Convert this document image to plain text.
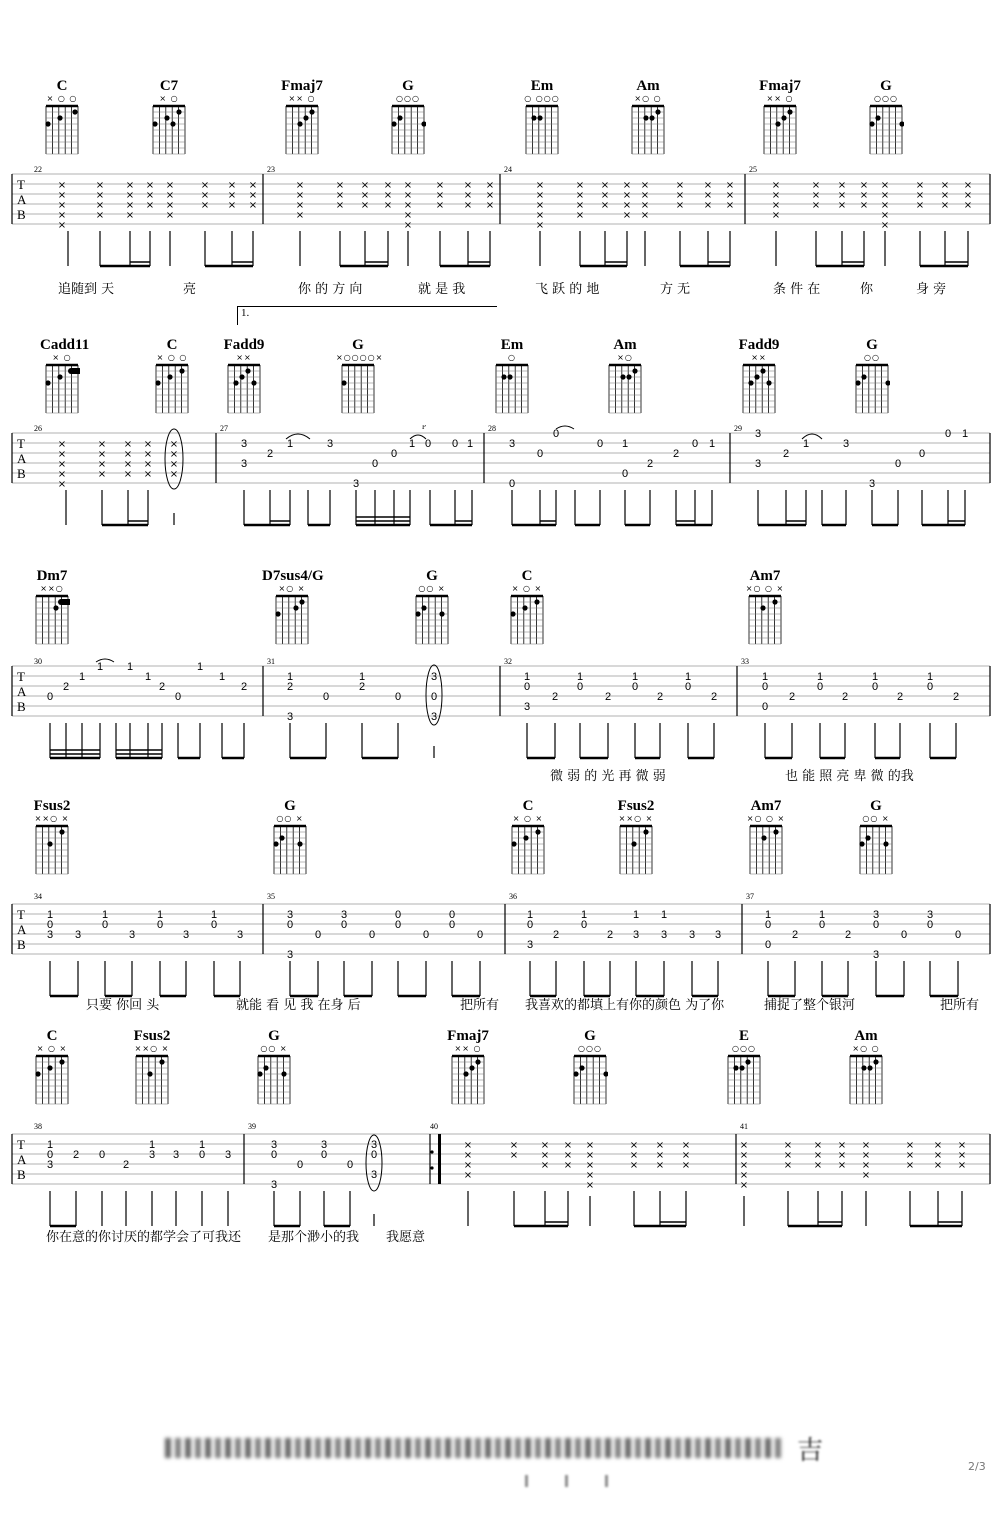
C
× ○ ○
C7
× ○
Fmaj7
×× ○
G
○○○
Em
○ ○○○
Am
×○ ○
Fmaj7
×× ○
G
○○○
T
A
B
22	23	24	25
×
×
×
×
×
×
×
×
×
×
×
×
×
×
×
×
×
×
×
×
×
×
×
×
×
×
×
×
×
×
×
×
×
×
×
×
×
×
×
×
×
×
×
×
×
×
×
×
×
×
×
×
×
×
×
×
×
×
×
×
×
×
×
×
×
×
×
×
×
×
×
×
×
×
×
×
×
×
×
×
×
×
×
×
×
×
×
×
×
×
×
×
×
×
×
×
×
×
×
×
×
×
×
×
×
×
×
×
×
×
×
×
追随到 天	亮	你 的 方 向	就 是 我	飞 跃 的 地	方 无	条 件 在	你	身 旁
1.
Cadd11
× ○
C
× ○ ○
Fadd9
××
G
×○○○○×
Em
○
Am
×○
Fadd9
××
G
○○
T
A
B
26	27	28	29
×
×
×
×
×
×
×
×
×
×
×
×
×
×
×
×
×
×
×
×
×
3
3
2
1	3
3
0
0
1 0 0 1	3
0
0
0
0 1
0
2
2
0 1
3
3
2
1	3
3
0
0
0 1
P
Dm7
××○
D7sus4/G
×○ ×
G
○○ ×
C
× ○ ×
Am7
×○ ○ ×
T
A
B
30	31	32	33
0
2
1
1 1
1
2
0
1
1
2
1
2
3
0
1
2
0
3
0
3
1
0
3
2
1
0
2
1
0
2
1
0
2
1
0
0
2
1
0
2
1
0
2
1
0
2
微 弱 的 光 再 微 弱	也 能 照 亮 卑 微 的我
Fsus2
××○ ×
G
○○ ×
C
× ○ ×
Fsus2
××○ ×
Am7
×○ ○ ×
G
○○ ×
T
A
B
34	35	36	37
1
0
3 3
1
0
3
1
0
3
1
0
3
3
0
3
0
3
0
0
0
0
0
0
0
0
1
0
3
2
1
0
2
1
3
1
3 3 3
1
0
0
2
1
0
2
3
0
3
0
3
0
0
只要 你回 头	就能 看 见 我 在身 后	把所有 我喜欢的都填上有你的颜色 为了你	捕捉了整个银河	把所有
C
× ○ ×
Fsus2
××○ ×
G
○○ ×
Fmaj7
×× ○
G
○○○
E
○○○
Am
×○ ○
T
A
B
38	39	40	41
1
0
3
2 0
2
1
3 3
1
0 3
3
0
3
0
3
0
0
3
0
3
×
×
×
×
×
×
×
×
×
×
×
×
×
×
×
×
×
×
×
×
×
×
×
×
×
×
×
×
×
×
×
×
×
×
×
×
×
×
×
×
×
×
×
×
×
×
×
×
×
×
×
×
×
你在意的你讨厌的都学会了可我还 是那个渺小的我 我愿意
吉
2/3
